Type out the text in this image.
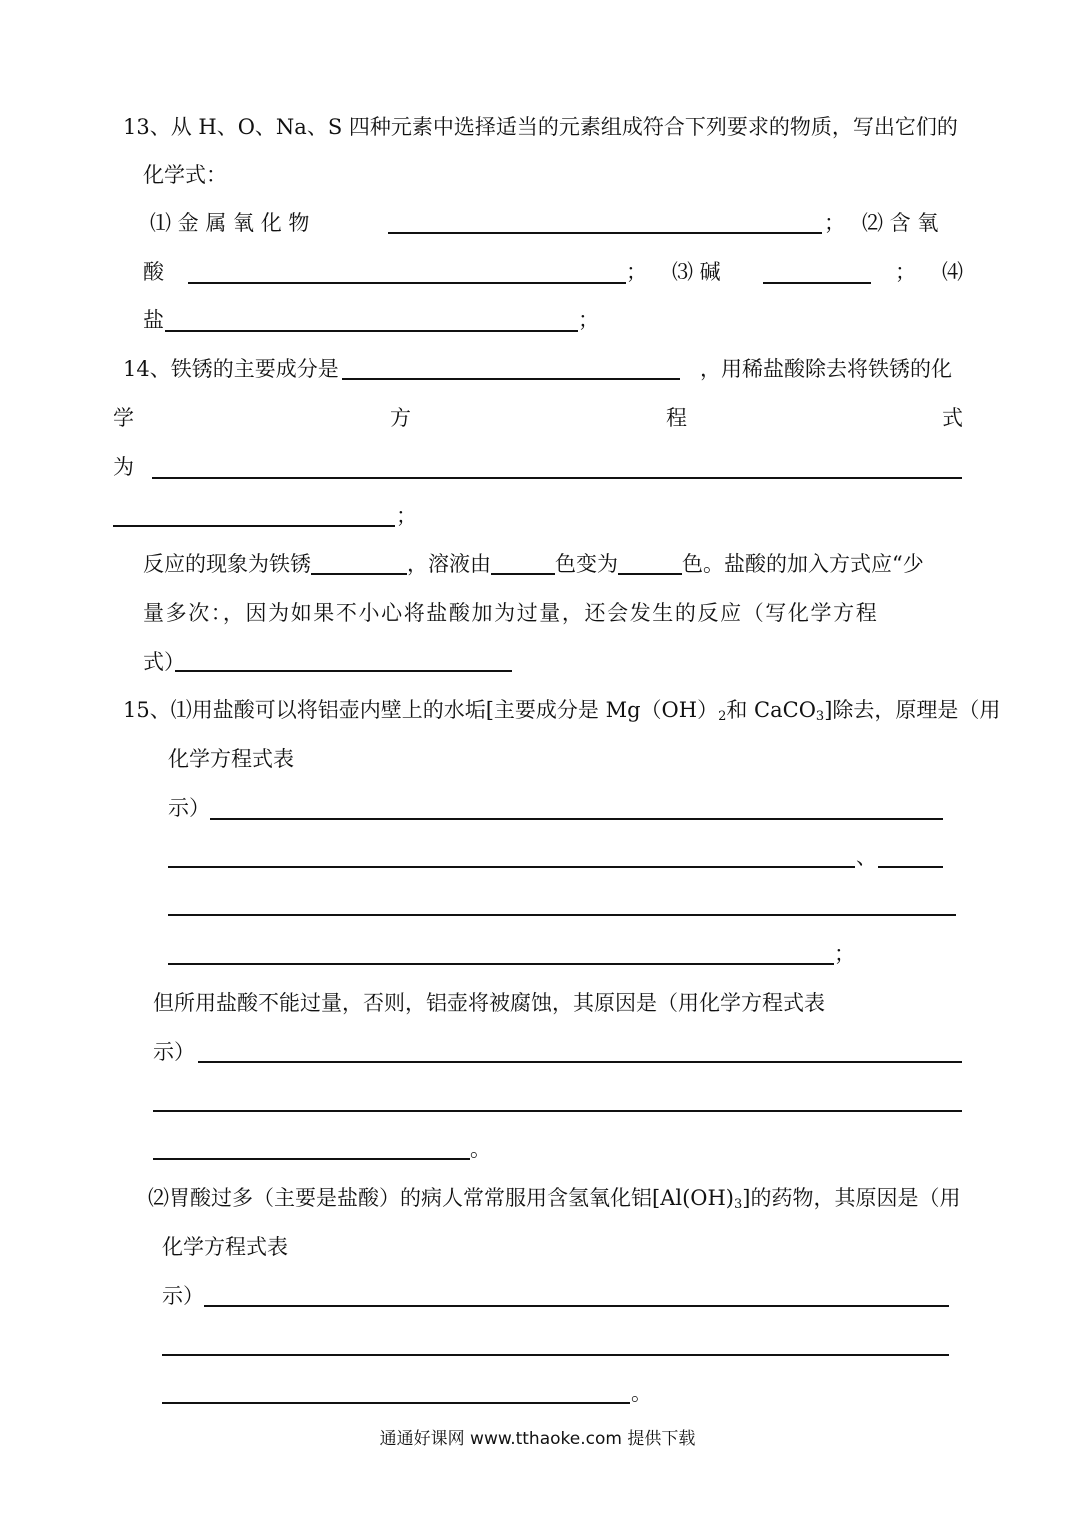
13、从 H、O、Na、S 四种元素中选择适当的元素组成符合下列要求的物质，写出它们的
化学式：
⑴ 金 属 氧 化 物	； ⑵ 含 氧
酸	； ⑶ 碱	； ⑷
盐	；
14、铁锈的主要成分是	，用稀盐酸除去将铁锈的化
学	方	程	式
为
；
反应的现象为铁锈	，溶液由	色变为	色。盐酸的加入方式应“少
量多次：，因为如果不小心将盐酸加为过量，还会发生的反应（写化学方程
式）
15、⑴用盐酸可以将铝壶内壁上的水垢[主要成分是 $Mg(OH)_2$和 CaCO$_3$]除去，原理是（用
化学方程式表
示）
、
；
但所用盐酸不能过量，否则，铝壶将被腐蚀，其原因是（用化学方程式表
示）
。
⑵胃酸过多（主要是盐酸）的病人常常服用含氢氧化铝$[Al(OH)_3]$的药物，其原因是（用
化学方程式表
示）
。
通通好课网 www.tthaoke.com 提供下载
